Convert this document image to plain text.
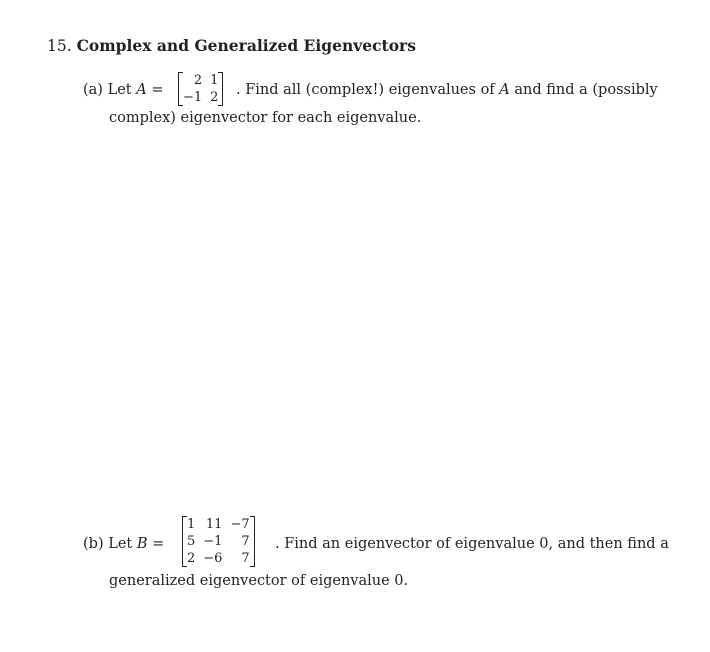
15. Complex and Generalized Eigenvectors
(a) Let A =
2	1
−1	2 . Find all (complex!) eigenvalues of A and find a (possibly
complex) eigenvector for each eigenvalue.
(b) Let B =
1	11	−7
5	−1	7
2	−6	7
. Find an eigenvector of eigenvalue 0, and then find a
generalized eigenvector of eigenvalue 0.
